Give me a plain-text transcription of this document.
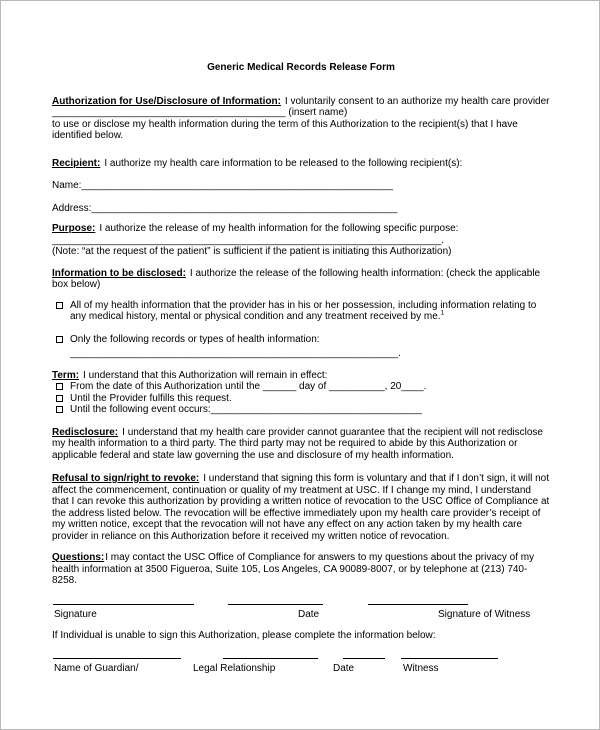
Generic Medical Records Release Form

Authorization for Use/Disclosure of Information: I voluntarily consent to an authorize my health care provider
__________________________________________ (insert name)
to use or disclose my health information during the term of this Authorization to the recipient(s) that I have identified below.

Recipient: I authorize my health care information to be released to the following recipient(s):

Name:________________________________________________________
Address:_______________________________________________________

Purpose: I authorize the release of my health information for the following specific purpose:

______________________________________________________________________.
(Note: “at the request of the patient” is sufficient if the patient is initiating this Authorization)

Information to be disclosed: I authorize the release of the following health information: (check the applicable box below)

All of my health information that the provider has in his or her possession, including information relating to any medical history, mental or physical condition and any treatment received by me.$^1$
Only the following records or types of health information:
___________________________________________________________.

Term: I understand that this Authorization will remain in effect:

From the date of this Authorization until the ______ day of __________, 20____.
Until the Provider fulfills this request.
Until the following event occurs:______________________________________

Redisclosure: I understand that my health care provider cannot guarantee that the recipient will not redisclose my health information to a third party. The third party may not be required to abide by this Authorization or applicable federal and state law governing the use and disclosure of my health information.

Refusal to sign/right to revoke: I understand that signing this form is voluntary and that if I don’t sign, it will not affect the commencement, continuation or quality of my treatment at USC. If I change my mind, I understand that I can revoke this authorization by providing a written notice of revocation to the USC Office of Compliance at the address listed below. The revocation will be effective immediately upon my health care provider’s receipt of my written notice, except that the revocation will not have any effect on any action taken by my health care provider in reliance on this Authorization before it received my written notice of revocation.

Questions:I may contact the USC Office of Compliance for answers to my questions about the privacy of my health information at 3500 Figueroa, Suite 105, Los Angeles, CA 90089-8007, or by telephone at (213) 740-8258.

Signature	Date	Signature of Witness

If Individual is unable to sign this Authorization, please complete the information below:

Name of Guardian/	Legal Relationship	Date	Witness
